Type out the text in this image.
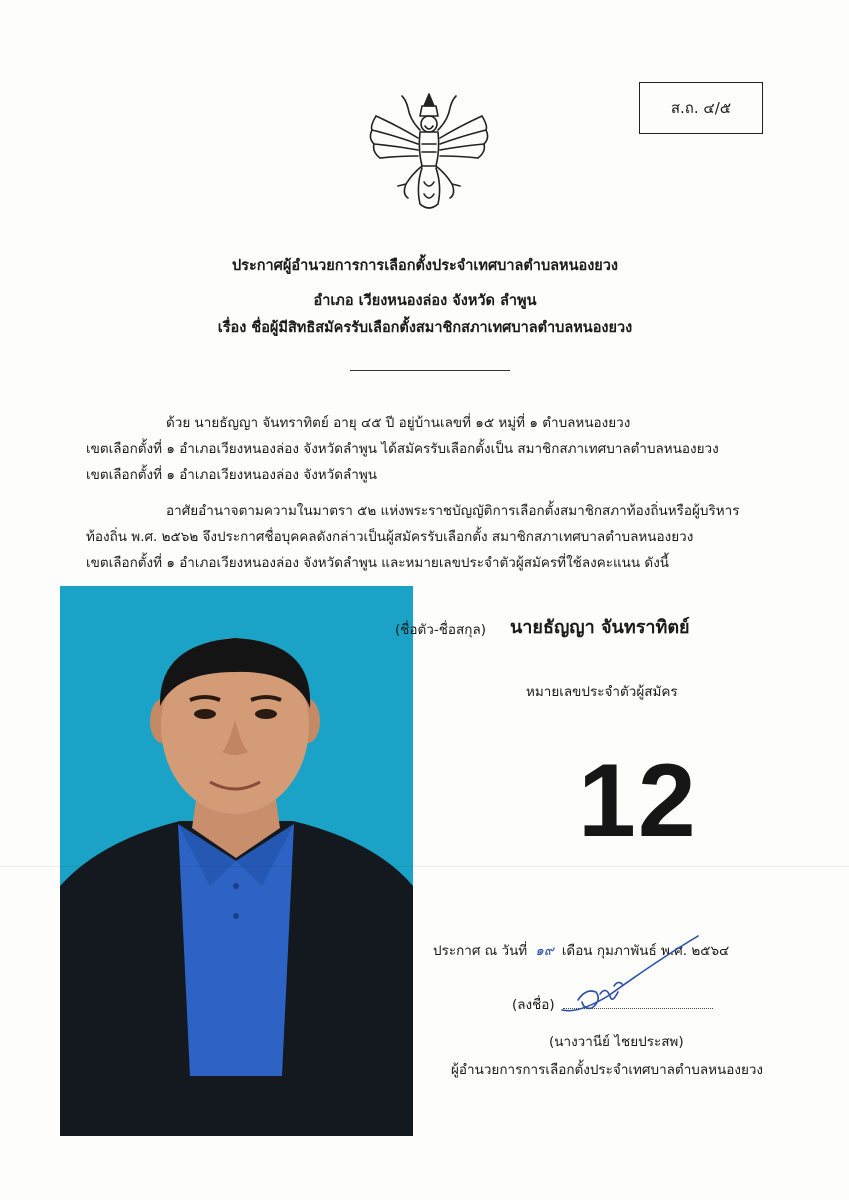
ส.ถ. ๔/๕
ประกาศผู้อำนวยการการเลือกตั้งประจำเทศบาลตำบลหนองยวง
อำเภอ เวียงหนองล่อง จังหวัด ลำพูน
เรื่อง ชื่อผู้มีสิทธิสมัครรับเลือกตั้งสมาชิกสภาเทศบาลตำบลหนองยวง
ด้วย นายธัญญา จันทราทิตย์ อายุ ๔๕ ปี อยู่บ้านเลขที่ ๑๕ หมู่ที่ ๑ ตำบลหนองยวง
เขตเลือกตั้งที่ ๑ อำเภอเวียงหนองล่อง จังหวัดลำพูน ได้สมัครรับเลือกตั้งเป็น สมาชิกสภาเทศบาลตำบลหนองยวง
เขตเลือกตั้งที่ ๑ อำเภอเวียงหนองล่อง จังหวัดลำพูน
อาศัยอำนาจตามความในมาตรา ๕๒ แห่งพระราชบัญญัติการเลือกตั้งสมาชิกสภาท้องถิ่นหรือผู้บริหาร
ท้องถิ่น พ.ศ. ๒๕๖๒ จึงประกาศชื่อบุคคลดังกล่าวเป็นผู้สมัครรับเลือกตั้ง สมาชิกสภาเทศบาลตำบลหนองยวง
เขตเลือกตั้งที่ ๑ อำเภอเวียงหนองล่อง จังหวัดลำพูน และหมายเลขประจำตัวผู้สมัครที่ใช้ลงคะแนน ดังนี้
(ชื่อตัว-ชื่อสกุล) นายธัญญา จันทราทิตย์
หมายเลขประจำตัวผู้สมัคร
12
ประกาศ ณ วันที่ ๑๙ เดือน กุมภาพันธ์ พ.ศ. ๒๕๖๔
(ลงชื่อ)
(นางวานีย์ ไชยประสพ)
ผู้อำนวยการการเลือกตั้งประจำเทศบาลตำบลหนองยวง
